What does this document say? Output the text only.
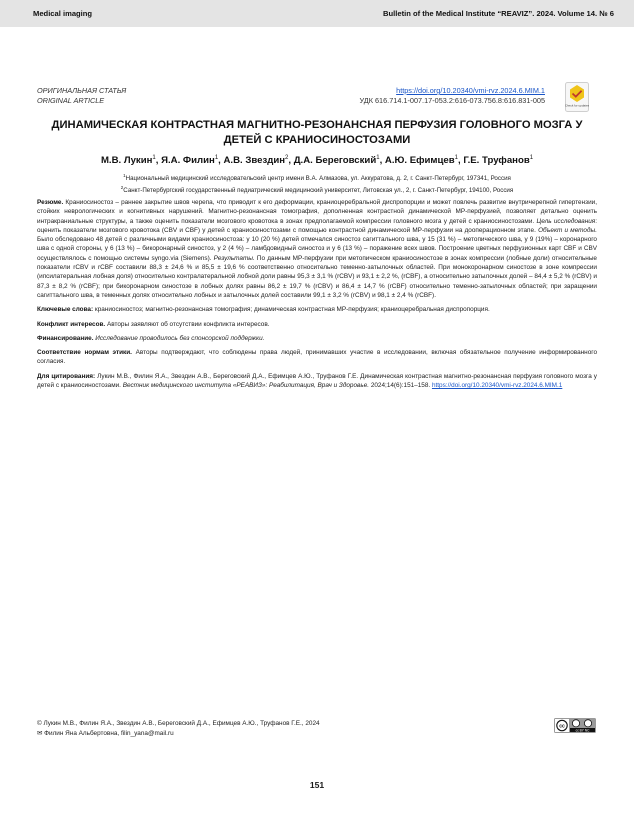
Medical imaging	Bulletin of the Medical Institute “REAVIZ”. 2024. Volume 14. № 6
ОРИГИНАЛЬНАЯ СТАТЬЯ
ORIGINAL ARTICLE
https://doi.org/10.20340/vmi-rvz.2024.6.MIM.1
УДК 616.714.1-007.17-053.2:616-073.756.8:616.831-005
Check for updates
ДИНАМИЧЕСКАЯ КОНТРАСТНАЯ МАГНИТНО-РЕЗОНАНСНАЯ ПЕРФУЗИЯ ГОЛОВНОГО МОЗГА У ДЕТЕЙ С КРАНИОСИНОСТОЗАМИ
М.В. Лукин$^1$, Я.А. Филин$^1$, А.В. Звездин$^2$, Д.А. Береговский$^1$, А.Ю. Ефимцев$^1$, Г.Е. Труфанов$^1$
$^1$Национальный медицинский исследовательский центр имени В.А. Алмазова, ул. Аккуратова, д. 2, г. Санкт-Петербург, 197341, Россия
$^2$Санкт-Петербургский государственный педиатрический медицинский университет, Литовская ул., 2, г. Санкт-Петербург, 194100, Россия
Резюме. Краниосиностоз – раннее закрытие швов черепа, что приводит к его деформации, краниоцеребральной диспропорции и может повлечь развитие внутричерепной гипертензии, стойких неврологических и когнитивных нарушений. Магнитно-резонансная томография, дополненная контрастной динамической МР-перфузией, позволяет детально оценить интракраниальные структуры, а также оценить показатели мозгового кровотока в зонах предполагаемой компрессии головного мозга у детей с краниосиностозами. Цель исследования: оценить показатели мозгового кровотока (CBV и CBF) у детей с краниосиностозами с помощью контрастной динамической МР-перфузии на дооперационном этапе. Объект и методы. Было обследовано 48 детей с различными видами краниосиностоза: у 10 (20 %) детей отмечался синостоз сагиттального шва, у 15 (31 %) – метопического шва, у 9 (19%) – коронарного шва с одной стороны, у 6 (13 %) – бикоронарный синостоз, у 2 (4 %) – ламбдовидный синостоз и у 6 (13 %) – поражение всех швов. Построение цветных перфузионных карт CBF и CBV осуществлялось с помощью системы syngo.via (Siemens). Результаты. По данным МР-перфузии при метопическом краниосиностозе в зонах компрессии (лобные доли) относительные показатели rCBV и rCBF составили 88,3 ± 24,6 % и 85,5 ± 19,6 % соответственно относительно теменно-затылочных областей. При монокоронарном синостозе в зоне компрессии (ипсилатеральная лобная доля) относительно контралатеральной лобной доли равны 95,3 ± 3,1 % (rCBV) и 93,1 ± 2,2 %, (rCBF), а относительно затылочных долей – 84,4 ± 5,2 % (rCBV) и 87,3 ± 8,2 % (rCBF); при бикоронарном синостозе в лобных долях равны 86,2 ± 19,7 % (rCBV) и 86,4 ± 14,7 % (rCBF) относительно теменно-затылочных областей; при заращении сагиттального шва, в теменных долях относительно лобных и затылочных долей составили 99,1 ± 3,2 % (rCBV) и 98,1 ± 2,4 % (rCBF).
Ключевые слова: краниосиностоз; магнитно-резонансная томография; динамическая контрастная МР-перфузия; краниоцеребральная диспропорция.
Конфликт интересов. Авторы заявляют об отсутствии конфликта интересов.
Финансирование. Исследование проводилось без спонсорской поддержки.
Соответствие нормам этики. Авторы подтверждают, что соблюдены права людей, принимавших участие в исследовании, включая обязательное получение информированного согласия.
Для цитирования: Лукин М.В., Филин Я.А., Звездин А.В., Береговский Д.А., Ефимцев А.Ю., Труфанов Г.Е. Динамическая контрастная магнитно-резонансная перфузия головного мозга у детей с краниосиностозами. Вестник медицинского института «РЕАВИЗ»: Реабилитация, Врач и Здоровье. 2024;14(6):151–158. https://doi.org/10.20340/vmi-rvz.2024.6.MIM.1
© Лукин М.В., Филин Я.А., Звездин А.В., Береговский Д.А., Ефимцев А.Ю., Труфанов Г.Е., 2024
✉ Филин Яна Альбертовна, filin_yana@mail.ru
cc
cc BY NC
151
